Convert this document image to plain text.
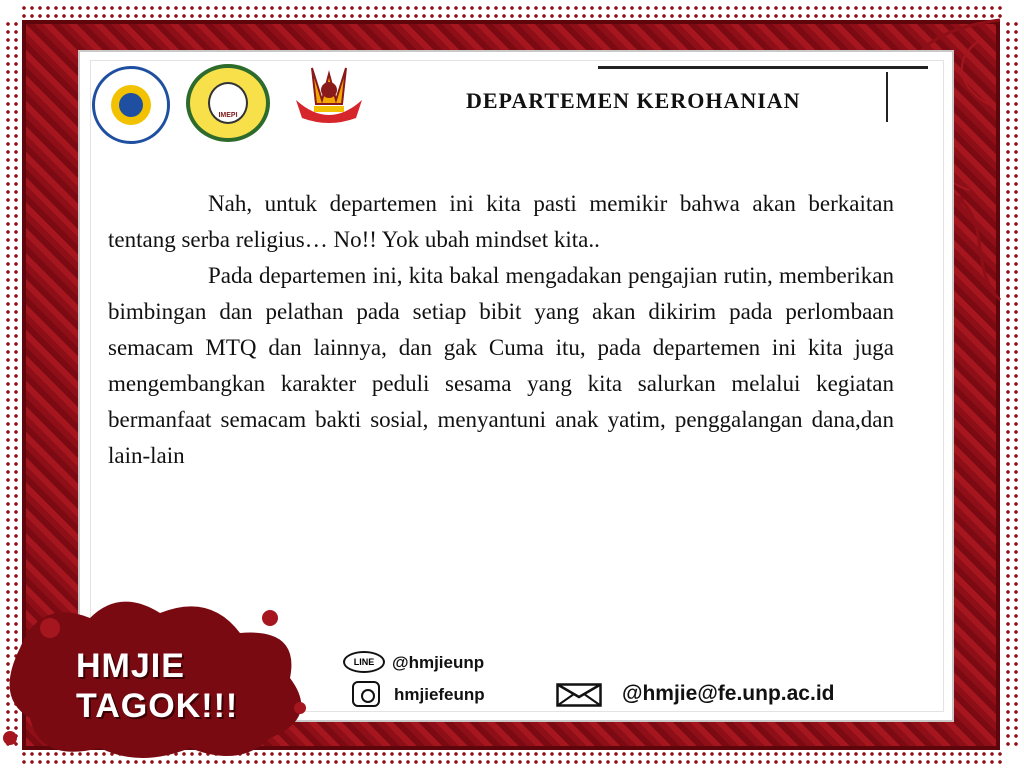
IMEPI
DEPARTEMEN KEROHANIAN

Nah, untuk departemen ini kita pasti memikir bahwa akan berkaitan tentang serba religius… No!! Yok ubah mindset kita..

Pada departemen ini, kita bakal mengadakan pengajian rutin, memberikan bimbingan dan pelathan pada setiap bibit yang akan dikirim pada perlombaan semacam MTQ dan lainnya, dan gak Cuma itu, pada departemen ini kita juga mengembangkan karakter peduli sesama yang kita salurkan melalui kegiatan bermanfaat semacam bakti sosial, menyantuni anak yatim, penggalangan dana,dan lain-lain

HMJIE
TAGOK!!!
LINE	@hmjieunp
hmjiefeunp	@hmjie@fe.unp.ac.id
